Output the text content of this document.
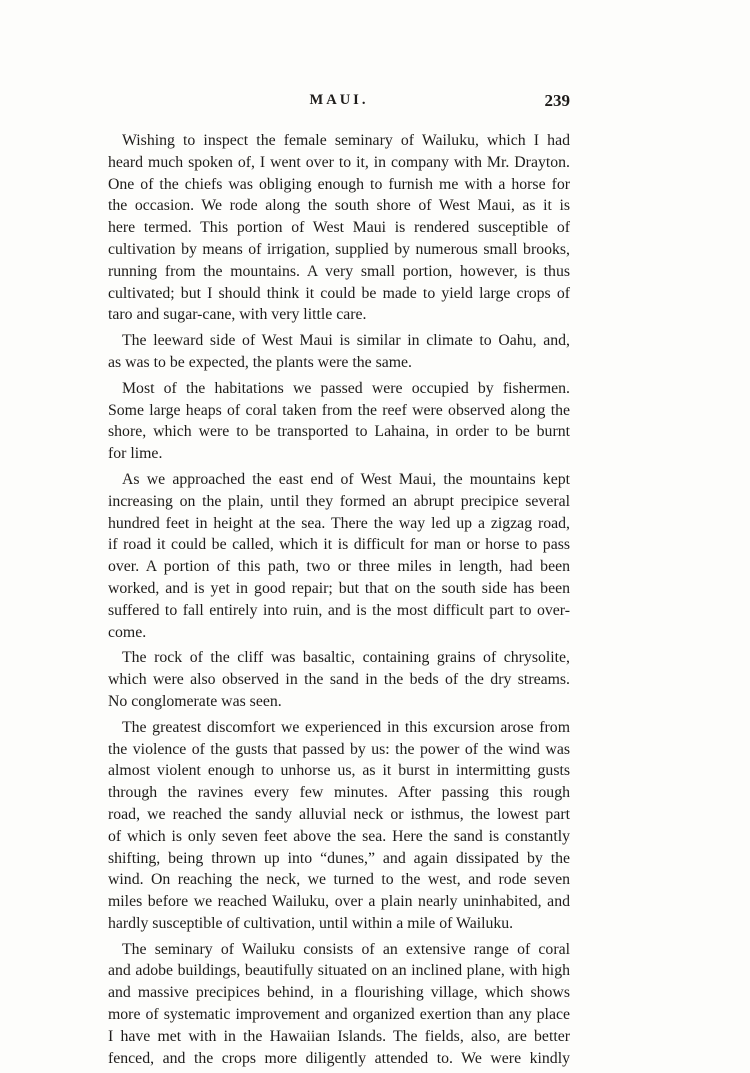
MAUI.	239
Wishing to inspect the female seminary of Wailuku, which I had
heard much spoken of, I went over to it, in company with Mr. Drayton.
One of the chiefs was obliging enough to furnish me with a horse for
the occasion. We rode along the south shore of West Maui, as it is
here termed. This portion of West Maui is rendered susceptible of
cultivation by means of irrigation, supplied by numerous small brooks,
running from the mountains. A very small portion, however, is thus
cultivated; but I should think it could be made to yield large crops of
taro and sugar-cane, with very little care.
The leeward side of West Maui is similar in climate to Oahu, and,
as was to be expected, the plants were the same.
Most of the habitations we passed were occupied by fishermen.
Some large heaps of coral taken from the reef were observed along the
shore, which were to be transported to Lahaina, in order to be burnt
for lime.
As we approached the east end of West Maui, the mountains kept
increasing on the plain, until they formed an abrupt precipice several
hundred feet in height at the sea. There the way led up a zigzag road,
if road it could be called, which it is difficult for man or horse to pass
over. A portion of this path, two or three miles in length, had been
worked, and is yet in good repair; but that on the south side has been
suffered to fall entirely into ruin, and is the most difficult part to over-
come.
The rock of the cliff was basaltic, containing grains of chrysolite,
which were also observed in the sand in the beds of the dry streams.
No conglomerate was seen.
The greatest discomfort we experienced in this excursion arose from
the violence of the gusts that passed by us: the power of the wind was
almost violent enough to unhorse us, as it burst in intermitting gusts
through the ravines every few minutes. After passing this rough
road, we reached the sandy alluvial neck or isthmus, the lowest part
of which is only seven feet above the sea. Here the sand is constantly
shifting, being thrown up into “dunes,” and again dissipated by the
wind. On reaching the neck, we turned to the west, and rode seven
miles before we reached Wailuku, over a plain nearly uninhabited, and
hardly susceptible of cultivation, until within a mile of Wailuku.
The seminary of Wailuku consists of an extensive range of coral
and adobe buildings, beautifully situated on an inclined plane, with high
and massive precipices behind, in a flourishing village, which shows
more of systematic improvement and organized exertion than any place
I have met with in the Hawaiian Islands. The fields, also, are better
fenced, and the crops more diligently attended to. We were kindly
